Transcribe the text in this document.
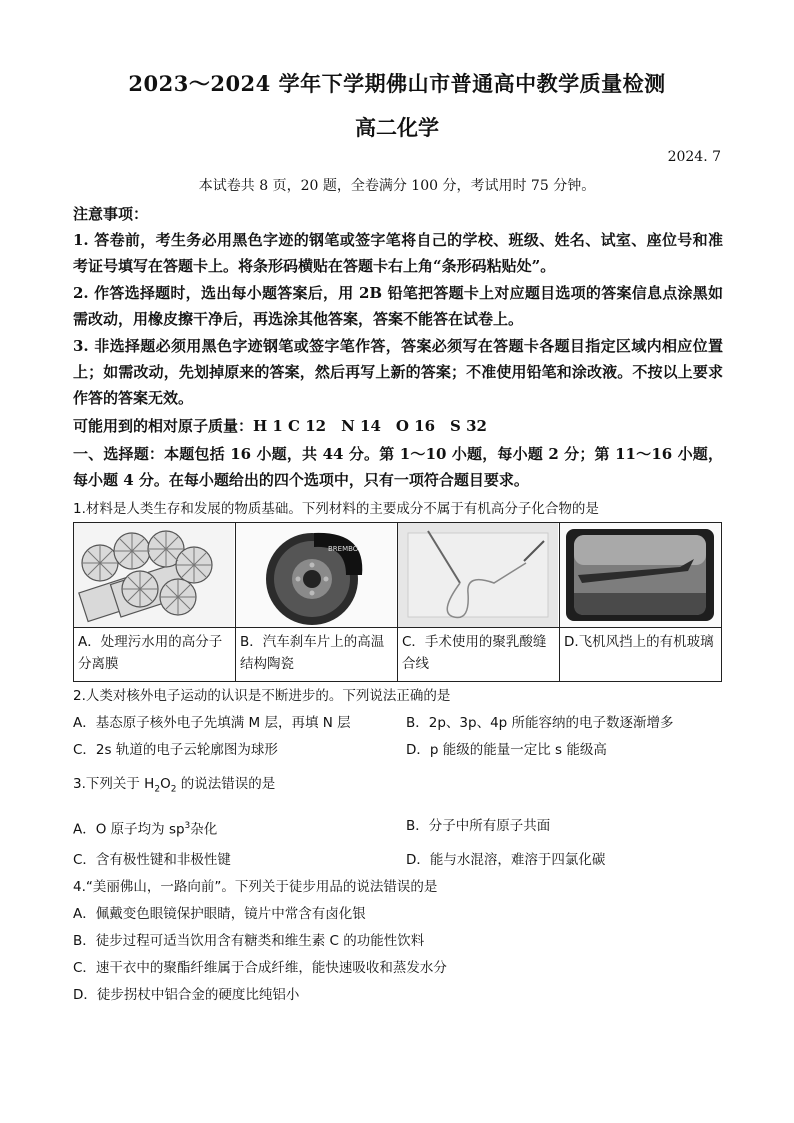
2023～2024 学年下学期佛山市普通高中教学质量检测
高二化学
2024. 7
本试卷共 8 页，20 题，全卷满分 100 分，考试用时 75 分钟。
注意事项：
1. 答卷前，考生务必用黑色字迹的钢笔或签字笔将自己的学校、班级、姓名、试室、座位号和准考证号填写在答题卡上。将条形码横贴在答题卡右上角“条形码粘贴处”。
2. 作答选择题时，选出每小题答案后，用 2B 铅笔把答题卡上对应题目选项的答案信息点涂黑如需改动，用橡皮擦干净后，再选涂其他答案，答案不能答在试卷上。
3. 非选择题必须用黑色字迹钢笔或签字笔作答，答案必须写在答题卡各题目指定区域内相应位置上；如需改动，先划掉原来的答案，然后再写上新的答案；不准使用铅笔和涂改液。不按以上要求作答的答案无效。
可能用到的相对原子质量：H 1 C 12　N 14　O 16　S 32
一、选择题：本题包括 16 小题，共 44 分。第 1～10 小题，每小题 2 分；第 11～16 小题，每小题 4 分。在每小题给出的四个选项中，只有一项符合题目要求。
1.材料是人类生存和发展的物质基础。下列材料的主要成分不属于有机高分子化合物的是

BREMBO

A．处理污水用的高分子分离膜	B．汽车刹车片上的高温结构陶瓷	C．手术使用的聚乳酸缝合线	D.飞机风挡上的有机玻璃
2.人类对核外电子运动的认识是不断进步的。下列说法正确的是
A．基态原子核外电子先填满 M 层，再填 N 层	B．2p、3p、4p 所能容纳的电子数逐渐增多
C．2s 轨道的电子云轮廓图为球形	D．p 能级的能量一定比 s 能级高
3.下列关于 $H_2O_2$ 的说法错误的是
A．O 原子均为 $sp^3$杂化	B．分子中所有原子共面
C．含有极性键和非极性键	D．能与水混溶，难溶于四氯化碳
4.“美丽佛山，一路向前”。下列关于徒步用品的说法错误的是
A．佩戴变色眼镜保护眼睛，镜片中常含有卤化银
B．徒步过程可适当饮用含有糖类和维生素 C 的功能性饮料
C．速干衣中的聚酯纤维属于合成纤维，能快速吸收和蒸发水分
D．徒步拐杖中铝合金的硬度比纯铝小
